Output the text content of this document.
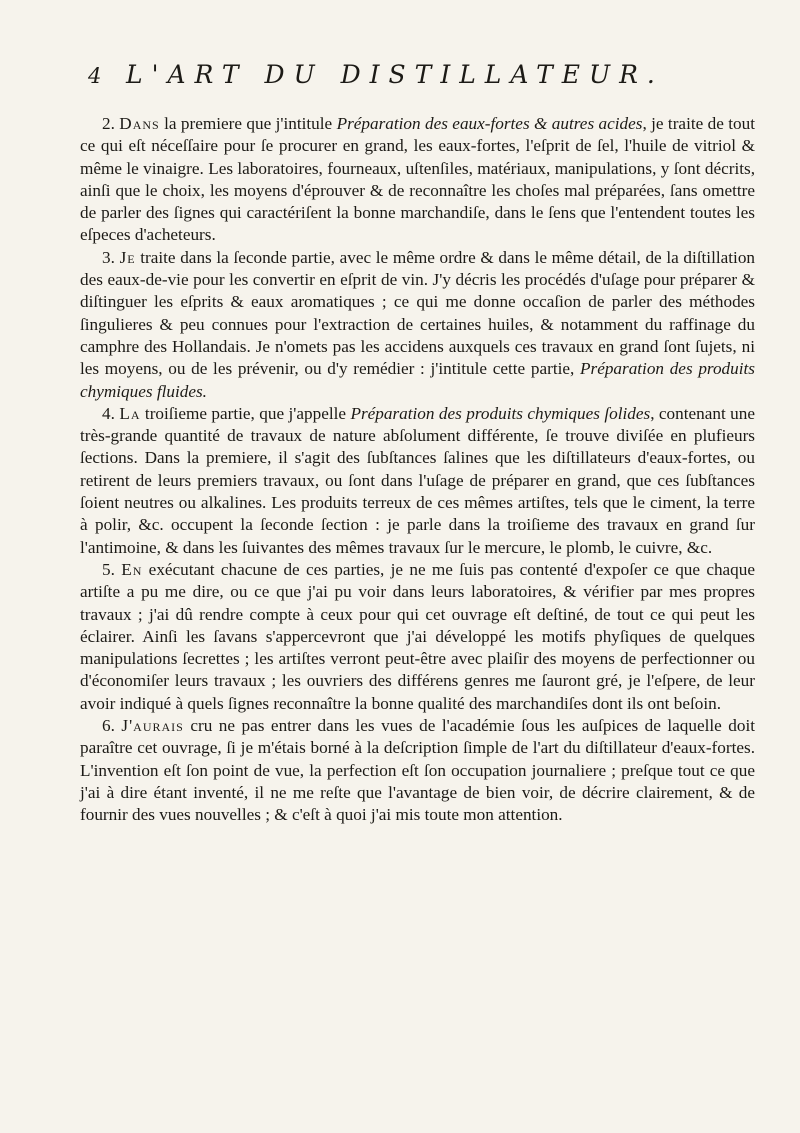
4 L'ART DU DISTILLATEUR.

2. Dans la premiere que j'intitule Préparation des eaux-fortes & autres acides, je traite de tout ce qui eſt néceſſaire pour ſe procurer en grand, les eaux-fortes, l'eſprit de ſel, l'huile de vitriol & même le vinaigre. Les laboratoires, fourneaux, uſtenſiles, matériaux, manipulations, y ſont décrits, ainſi que le choix, les moyens d'éprouver & de reconnaître les choſes mal préparées, ſans omettre de parler des ſignes qui caractériſent la bonne marchandiſe, dans le ſens que l'entendent toutes les eſpeces d'acheteurs.

3. Je traite dans la ſeconde partie, avec le même ordre & dans le même détail, de la diſtillation des eaux-de-vie pour les convertir en eſprit de vin. J'y décris les procédés d'uſage pour préparer & diſtinguer les eſprits & eaux aromatiques ; ce qui me donne occaſion de parler des méthodes ſingulieres & peu connues pour l'extraction de certaines huiles, & notamment du raffinage du camphre des Hollandais. Je n'omets pas les accidens auxquels ces travaux en grand ſont ſujets, ni les moyens, ou de les prévenir, ou d'y remédier : j'intitule cette partie, Préparation des produits chymiques fluides.

4. La troiſieme partie, que j'appelle Préparation des produits chymiques ſolides, contenant une très-grande quantité de travaux de nature abſolument différente, ſe trouve diviſée en plufieurs ſections. Dans la premiere, il s'agit des ſubſtances ſalines que les diſtillateurs d'eaux-fortes, ou retirent de leurs premiers travaux, ou ſont dans l'uſage de préparer en grand, que ces ſubſtances ſoient neutres ou alkalines. Les produits terreux de ces mêmes artiſtes, tels que le ciment, la terre à polir, &c. occupent la ſeconde ſection : je parle dans la troiſieme des travaux en grand ſur l'antimoine, & dans les ſuivantes des mêmes travaux ſur le mercure, le plomb, le cuivre, &c.

5. En exécutant chacune de ces parties, je ne me ſuis pas contenté d'expoſer ce que chaque artiſte a pu me dire, ou ce que j'ai pu voir dans leurs laboratoires, & vérifier par mes propres travaux ; j'ai dû rendre compte à ceux pour qui cet ouvrage eſt deſtiné, de tout ce qui peut les éclairer. Ainſi les ſavans s'appercevront que j'ai développé les motifs phyſiques de quelques manipulations ſecrettes ; les artiſtes verront peut-être avec plaiſir des moyens de perfectionner ou d'économiſer leurs travaux ; les ouvriers des différens genres me ſauront gré, je l'eſpere, de leur avoir indiqué à quels ſignes reconnaître la bonne qualité des marchandiſes dont ils ont beſoin.

6. J'aurais cru ne pas entrer dans les vues de l'académie ſous les auſpices de laquelle doit paraître cet ouvrage, ſi je m'étais borné à la deſcription ſimple de l'art du diſtillateur d'eaux-fortes. L'invention eſt ſon point de vue, la perfection eſt ſon occupation journaliere ; preſque tout ce que j'ai à dire étant inventé, il ne me reſte que l'avantage de bien voir, de décrire clairement, & de fournir des vues nouvelles ; & c'eſt à quoi j'ai mis toute mon attention.
